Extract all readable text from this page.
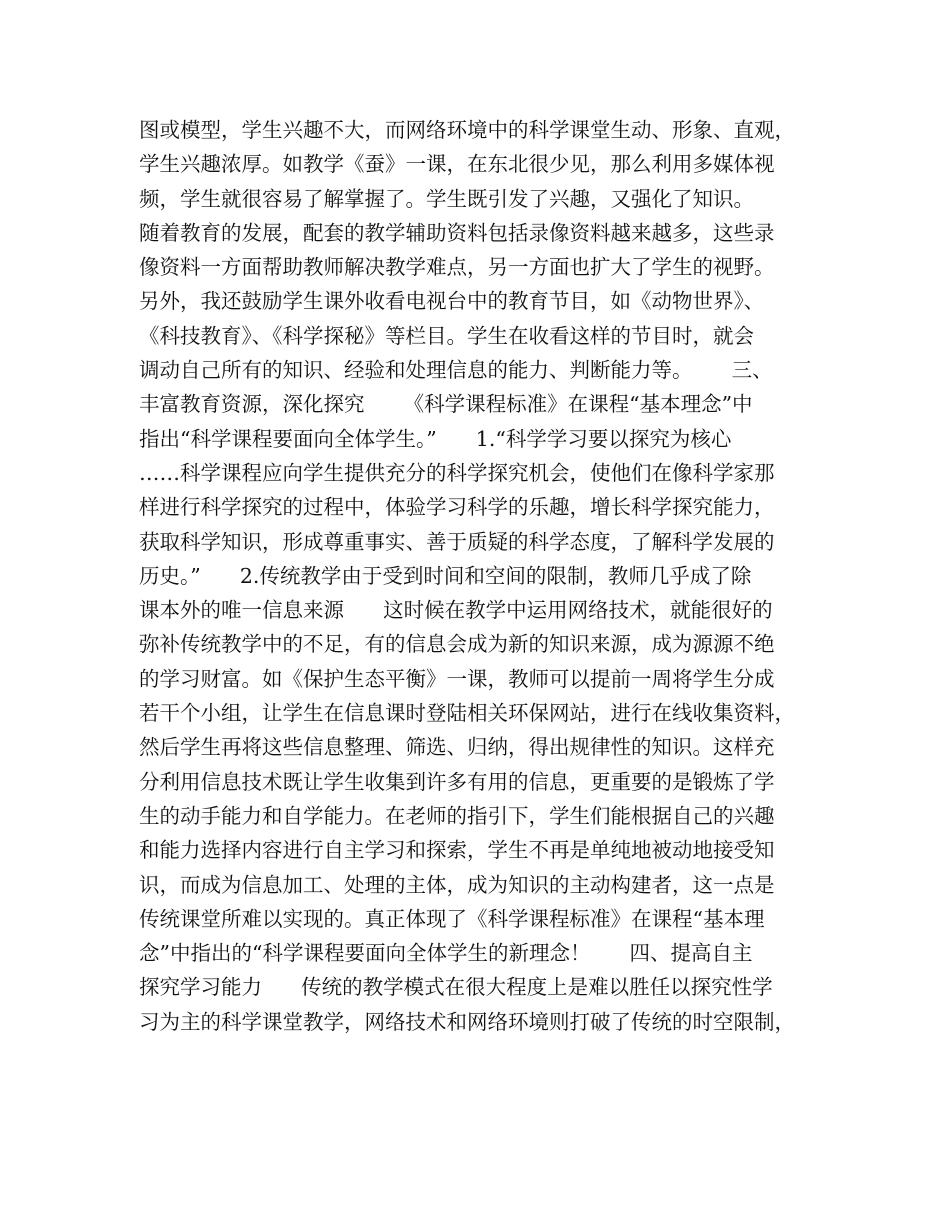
图或模型，学生兴趣不大，而网络环境中的科学课堂生动、形象、直观，
学生兴趣浓厚。如教学《蚕》一课，在东北很少见，那么利用多媒体视
频，学生就很容易了解掌握了。学生既引发了兴趣，又强化了知识。
随着教育的发展，配套的教学辅助资料包括录像资料越来越多，这些录
像资料一方面帮助教师解决教学难点，另一方面也扩大了学生的视野。
另外，我还鼓励学生课外收看电视台中的教育节目，如《动物世界》、
《科技教育》、《科学探秘》等栏目。学生在收看这样的节目时，就会
调动自己所有的知识、经验和处理信息的能力、判断能力等。      三、
丰富教育资源，深化探究      《科学课程标准》在课程“基本理念”中
指出“科学课程要面向全体学生。”      1.“科学学习要以探究为核心
……科学课程应向学生提供充分的科学探究机会，使他们在像科学家那
样进行科学探究的过程中，体验学习科学的乐趣，增长科学探究能力，
获取科学知识，形成尊重事实、善于质疑的科学态度，了解科学发展的
历史。”      2.传统教学由于受到时间和空间的限制，教师几乎成了除
课本外的唯一信息来源      这时候在教学中运用网络技术，就能很好的
弥补传统教学中的不足，有的信息会成为新的知识来源，成为源源不绝
的学习财富。如《保护生态平衡》一课，教师可以提前一周将学生分成
若干个小组，让学生在信息课时登陆相关环保网站，进行在线收集资料，
然后学生再将这些信息整理、筛选、归纳，得出规律性的知识。这样充
分利用信息技术既让学生收集到许多有用的信息，更重要的是锻炼了学
生的动手能力和自学能力。在老师的指引下，学生们能根据自己的兴趣
和能力选择内容进行自主学习和探索，学生不再是单纯地被动地接受知
识，而成为信息加工、处理的主体，成为知识的主动构建者，这一点是
传统课堂所难以实现的。真正体现了《科学课程标准》在课程“基本理
念”中指出的“科学课程要面向全体学生的新理念！      四、提高自主
探究学习能力      传统的教学模式在很大程度上是难以胜任以探究性学
习为主的科学课堂教学，网络技术和网络环境则打破了传统的时空限制，
